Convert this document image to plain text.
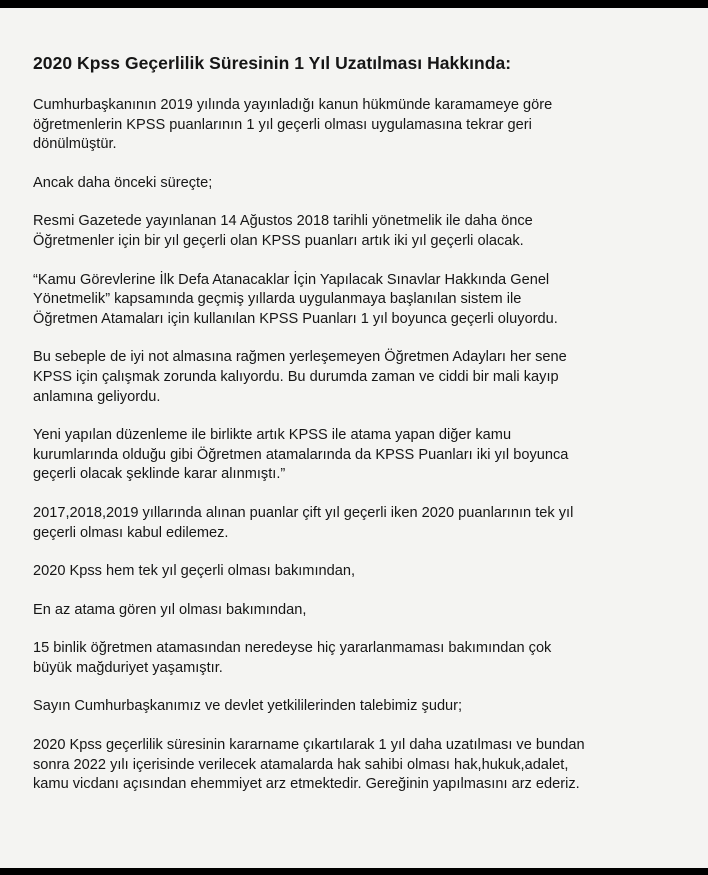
2020 Kpss Geçerlilik Süresinin 1 Yıl Uzatılması Hakkında:
Cumhurbaşkanının 2019 yılında yayınladığı kanun hükmünde karamameye göre
öğretmenlerin KPSS puanlarının 1 yıl geçerli olması uygulamasına tekrar geri
dönülmüştür.
Ancak daha önceki süreçte;
Resmi Gazetede yayınlanan 14 Ağustos 2018 tarihli yönetmelik ile daha önce
Öğretmenler için bir yıl geçerli olan KPSS puanları artık iki yıl geçerli olacak.
“Kamu Görevlerine İlk Defa Atanacaklar İçin Yapılacak Sınavlar Hakkında Genel
Yönetmelik” kapsamında geçmiş yıllarda uygulanmaya başlanılan sistem ile
Öğretmen Atamaları için kullanılan KPSS Puanları 1 yıl boyunca geçerli oluyordu.
Bu sebeple de iyi not almasına rağmen yerleşemeyen Öğretmen Adayları her sene
KPSS için çalışmak zorunda kalıyordu. Bu durumda zaman ve ciddi bir mali kayıp
anlamına geliyordu.
Yeni yapılan düzenleme ile birlikte artık KPSS ile atama yapan diğer kamu
kurumlarında olduğu gibi Öğretmen atamalarında da KPSS Puanları iki yıl boyunca
geçerli olacak şeklinde karar alınmıştı.”
2017,2018,2019 yıllarında alınan puanlar çift yıl geçerli iken 2020 puanlarının tek yıl
geçerli olması kabul edilemez.
2020 Kpss hem tek yıl geçerli olması bakımından,
En az atama gören yıl olması bakımından,
15 binlik öğretmen atamasından neredeyse hiç yararlanmaması bakımından çok
büyük mağduriyet yaşamıştır.
Sayın Cumhurbaşkanımız ve devlet yetkililerinden talebimiz şudur;
2020 Kpss geçerlilik süresinin kararname çıkartılarak 1 yıl daha uzatılması ve bundan
sonra 2022 yılı içerisinde verilecek atamalarda hak sahibi olması hak,hukuk,adalet,
kamu vicdanı açısından ehemmiyet arz etmektedir. Gereğinin yapılmasını arz ederiz.
